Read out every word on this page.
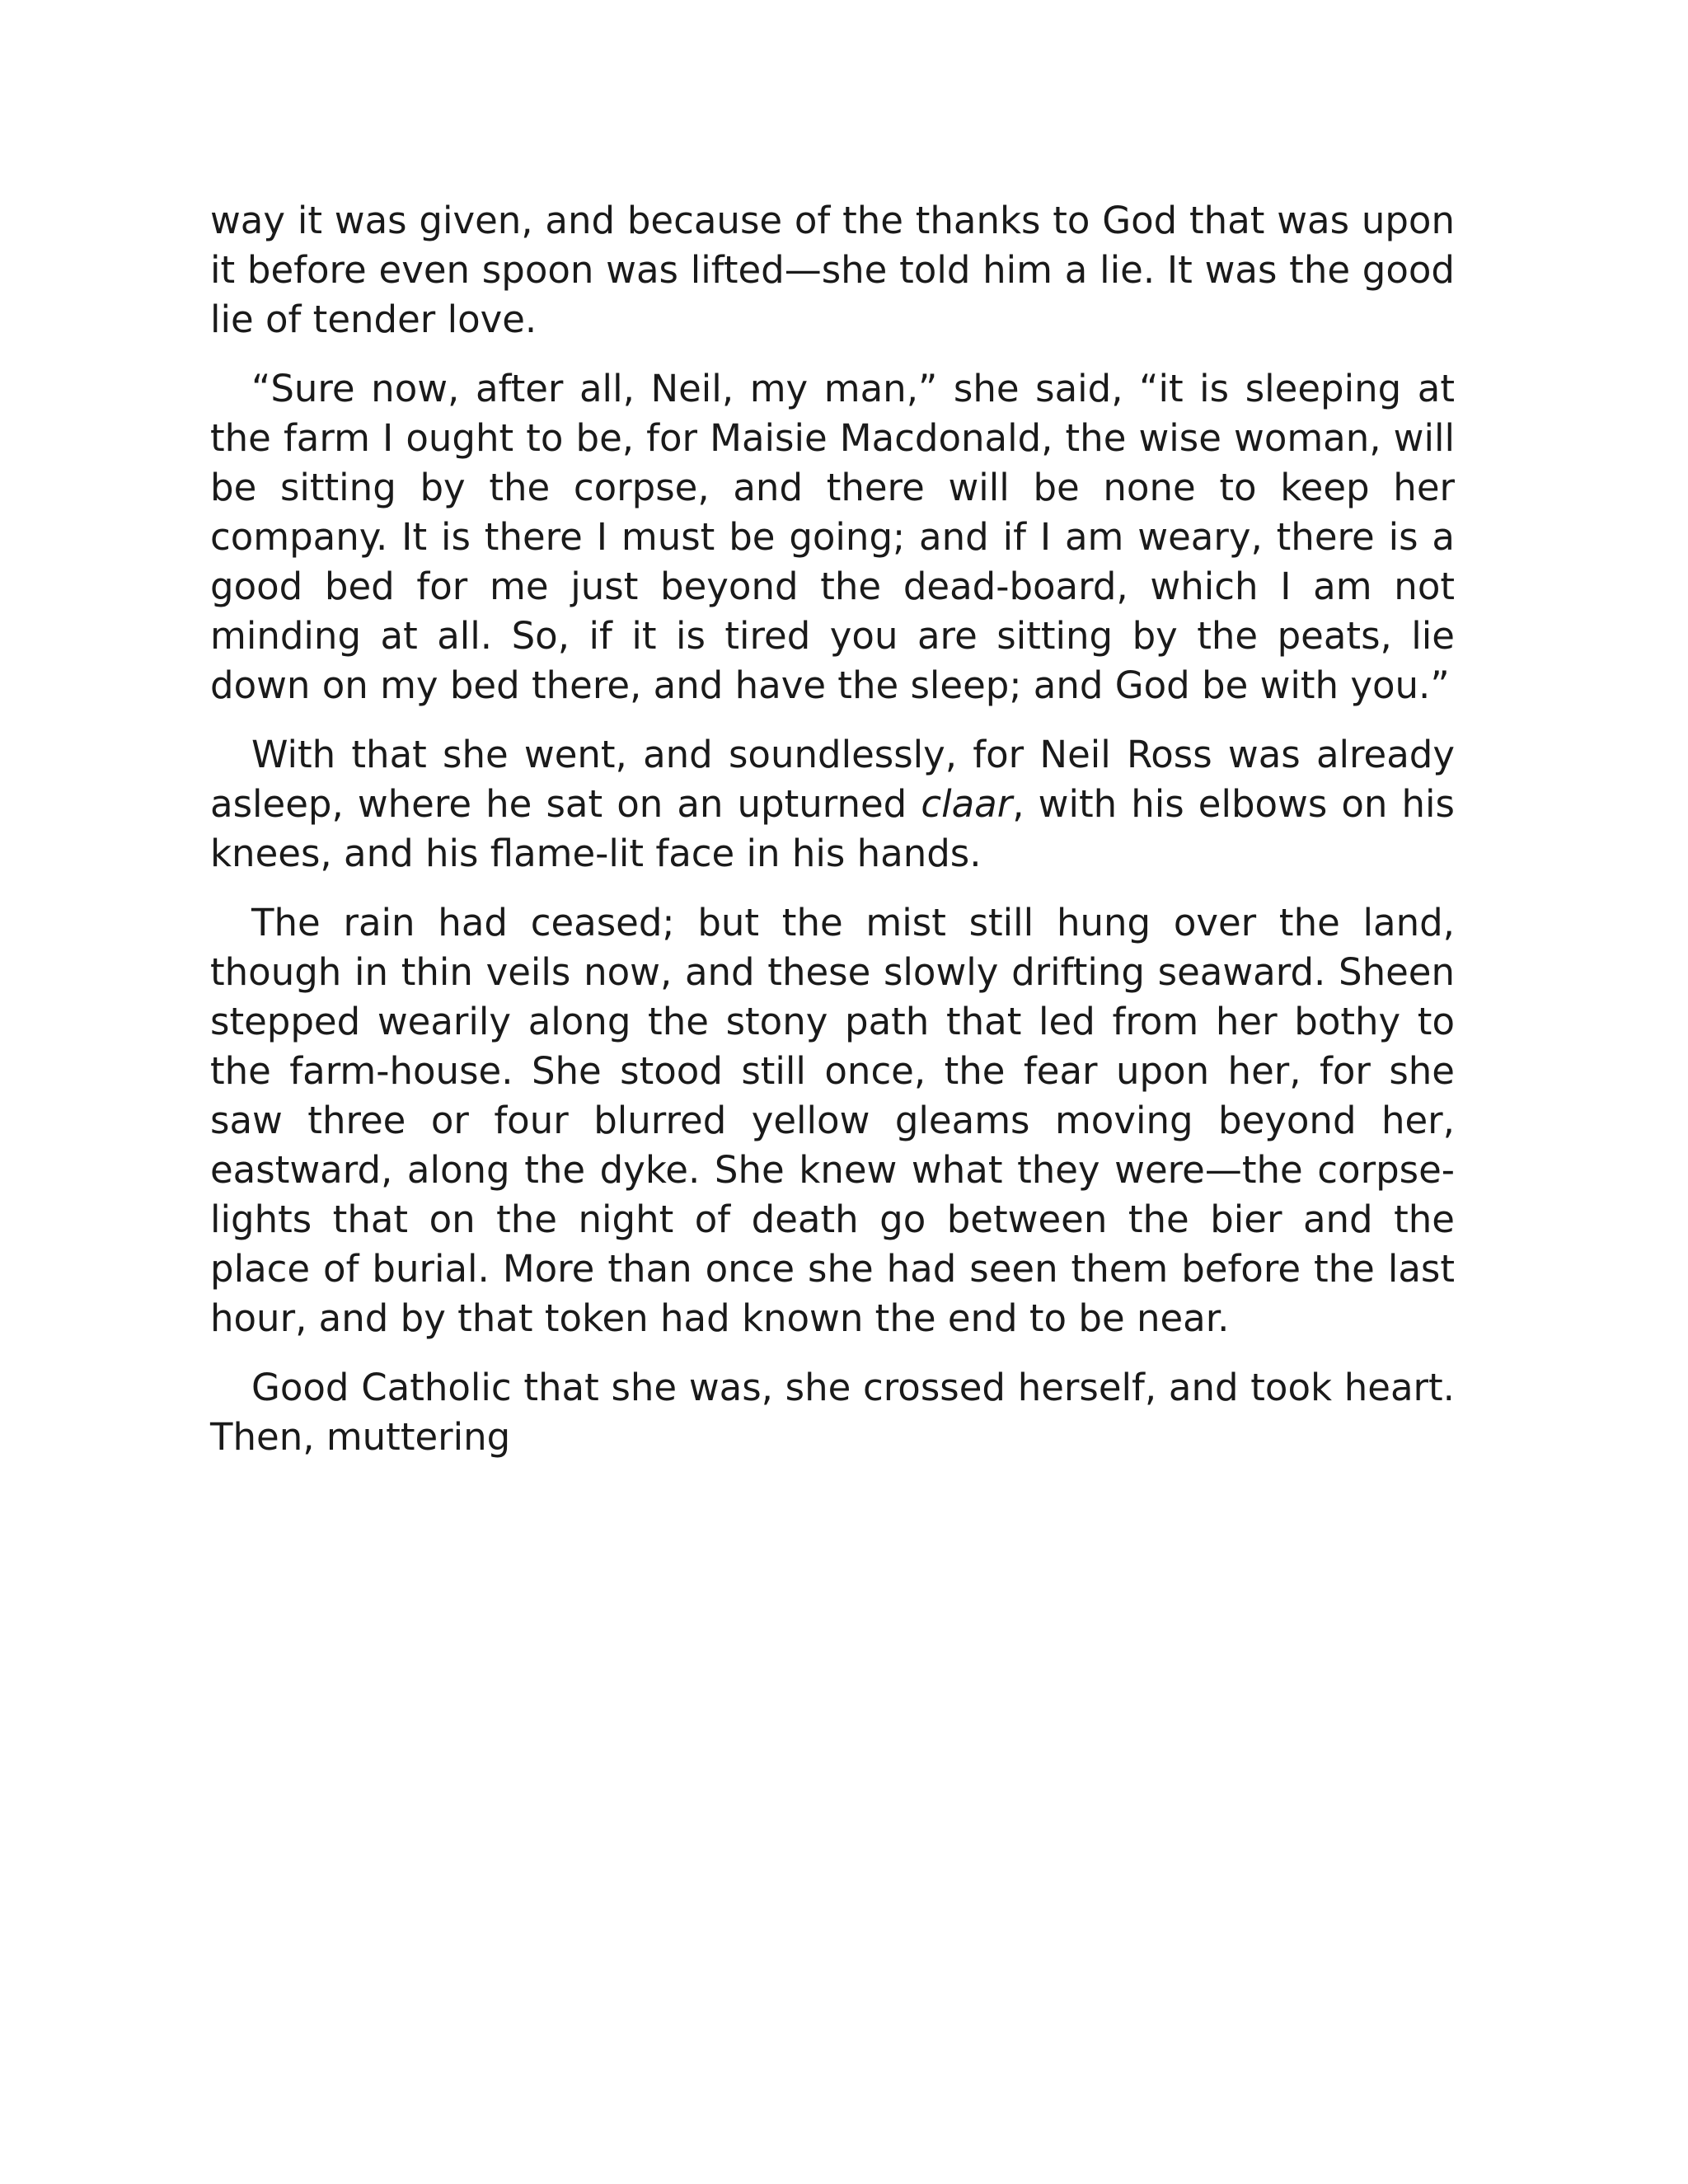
way it was given, and because of the thanks to God that was upon it before even spoon was lifted—she told him a lie. It was the good lie of tender love.

“Sure now, after all, Neil, my man,” she said, “it is sleeping at the farm I ought to be, for Maisie Macdonald, the wise woman, will be sitting by the corpse, and there will be none to keep her company. It is there I must be going; and if I am weary, there is a good bed for me just beyond the dead-board, which I am not minding at all. So, if it is tired you are sitting by the peats, lie down on my bed there, and have the sleep; and God be with you.”

With that she went, and soundlessly, for Neil Ross was already asleep, where he sat on an upturned claar, with his elbows on his knees, and his flame-lit face in his hands.

The rain had ceased; but the mist still hung over the land, though in thin veils now, and these slowly drifting seaward. Sheen stepped wearily along the stony path that led from her bothy to the farm-house. She stood still once, the fear upon her, for she saw three or four blurred yellow gleams moving beyond her, eastward, along the dyke. She knew what they were—the corpse-lights that on the night of death go between the bier and the place of burial. More than once she had seen them before the last hour, and by that token had known the end to be near.

Good Catholic that she was, she crossed herself, and took heart. Then, muttering
